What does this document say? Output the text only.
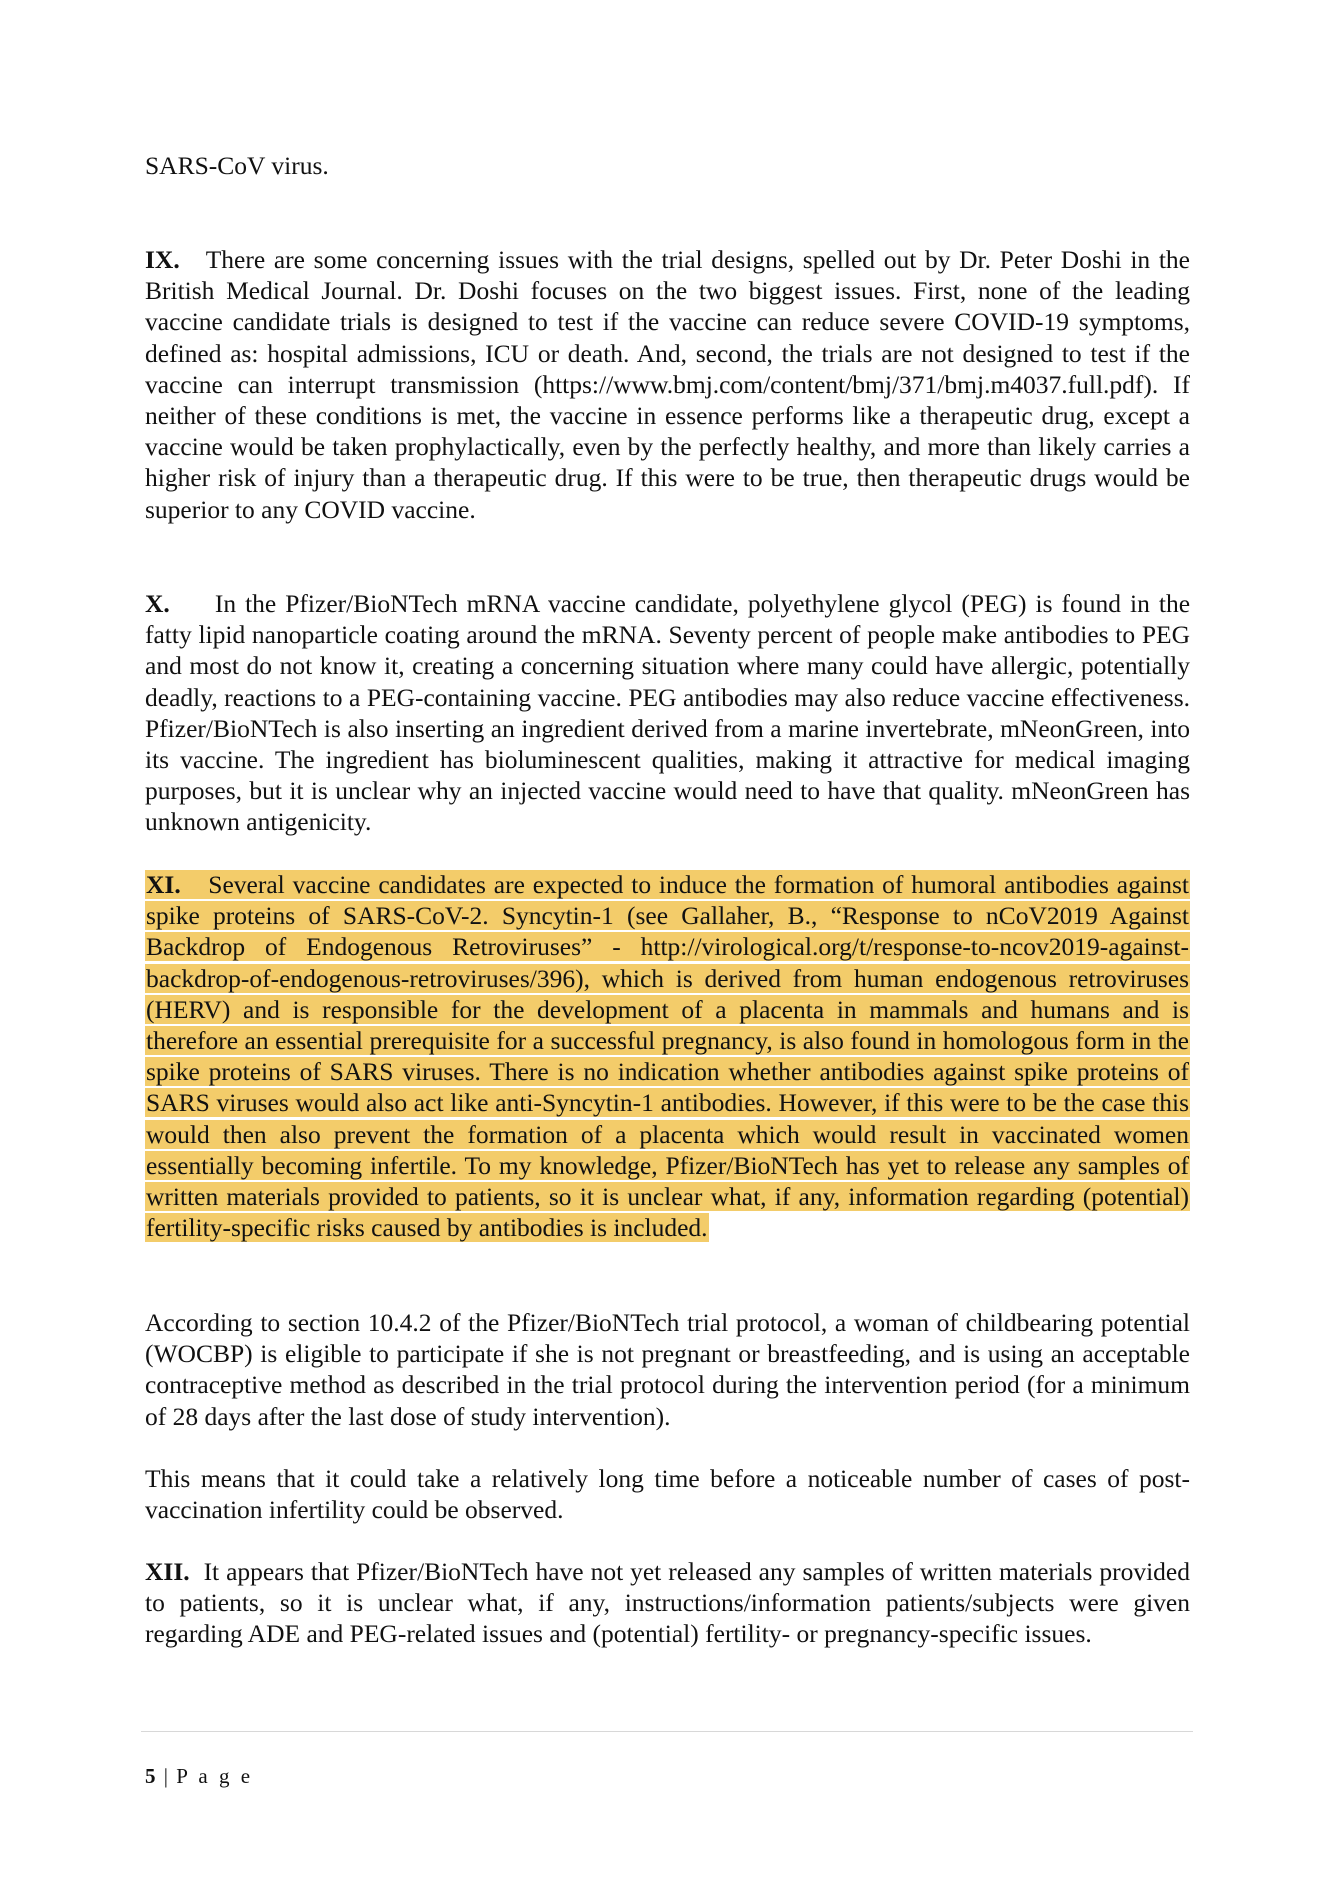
SARS-CoV virus.

IX. There are some concerning issues with the trial designs, spelled out by Dr. Peter Doshi in the British Medical Journal. Dr. Doshi focuses on the two biggest issues. First, none of the leading vaccine candidate trials is designed to test if the vaccine can reduce severe COVID-19 symptoms, defined as: hospital admissions, ICU or death. And, second, the trials are not designed to test if the vaccine can interrupt transmission (https://www.bmj.com/content/bmj/371/bmj.m4037.full.pdf). If neither of these conditions is met, the vaccine in essence performs like a therapeutic drug, except a vaccine would be taken prophylactically, even by the perfectly healthy, and more than likely carries a higher risk of injury than a therapeutic drug. If this were to be true, then therapeutic drugs would be superior to any COVID vaccine.

X. In the Pfizer/BioNTech mRNA vaccine candidate, polyethylene glycol (PEG) is found in the fatty lipid nanoparticle coating around the mRNA. Seventy percent of people make antibodies to PEG and most do not know it, creating a concerning situation where many could have allergic, potentially deadly, reactions to a PEG-containing vaccine. PEG antibodies may also reduce vaccine effectiveness. Pfizer/BioNTech is also inserting an ingredient derived from a marine invertebrate, mNeonGreen, into its vaccine. The ingredient has bioluminescent qualities, making it attractive for medical imaging purposes, but it is unclear why an injected vaccine would need to have that quality. mNeonGreen has unknown antigenicity.

XI. Several vaccine candidates are expected to induce the formation of humoral antibodies against spike proteins of SARS-CoV-2. Syncytin-1 (see Gallaher, B., “Response to nCoV2019 Against Backdrop of Endogenous Retroviruses” - http://virological.org/t/response-to-ncov2019-against-backdrop-of-endogenous-retroviruses/396), which is derived from human endogenous retroviruses (HERV) and is responsible for the development of a placenta in mammals and humans and is therefore an essential prerequisite for a successful pregnancy, is also found in homologous form in the spike proteins of SARS viruses. There is no indication whether antibodies against spike proteins of SARS viruses would also act like anti-Syncytin-1 antibodies. However, if this were to be the case this would then also prevent the formation of a placenta which would result in vaccinated women essentially becoming infertile. To my knowledge, Pfizer/BioNTech has yet to release any samples of written materials provided to patients, so it is unclear what, if any, information regarding (potential) fertility-specific risks caused by antibodies is included.

According to section 10.4.2 of the Pfizer/BioNTech trial protocol, a woman of childbearing potential (WOCBP) is eligible to participate if she is not pregnant or breastfeeding, and is using an acceptable contraceptive method as described in the trial protocol during the intervention period (for a minimum of 28 days after the last dose of study intervention).

This means that it could take a relatively long time before a noticeable number of cases of post-vaccination infertility could be observed.

XII. It appears that Pfizer/BioNTech have not yet released any samples of written materials provided to patients, so it is unclear what, if any, instructions/information patients/subjects were given regarding ADE and PEG-related issues and (potential) fertility- or pregnancy-specific issues.

5 | P a g e
